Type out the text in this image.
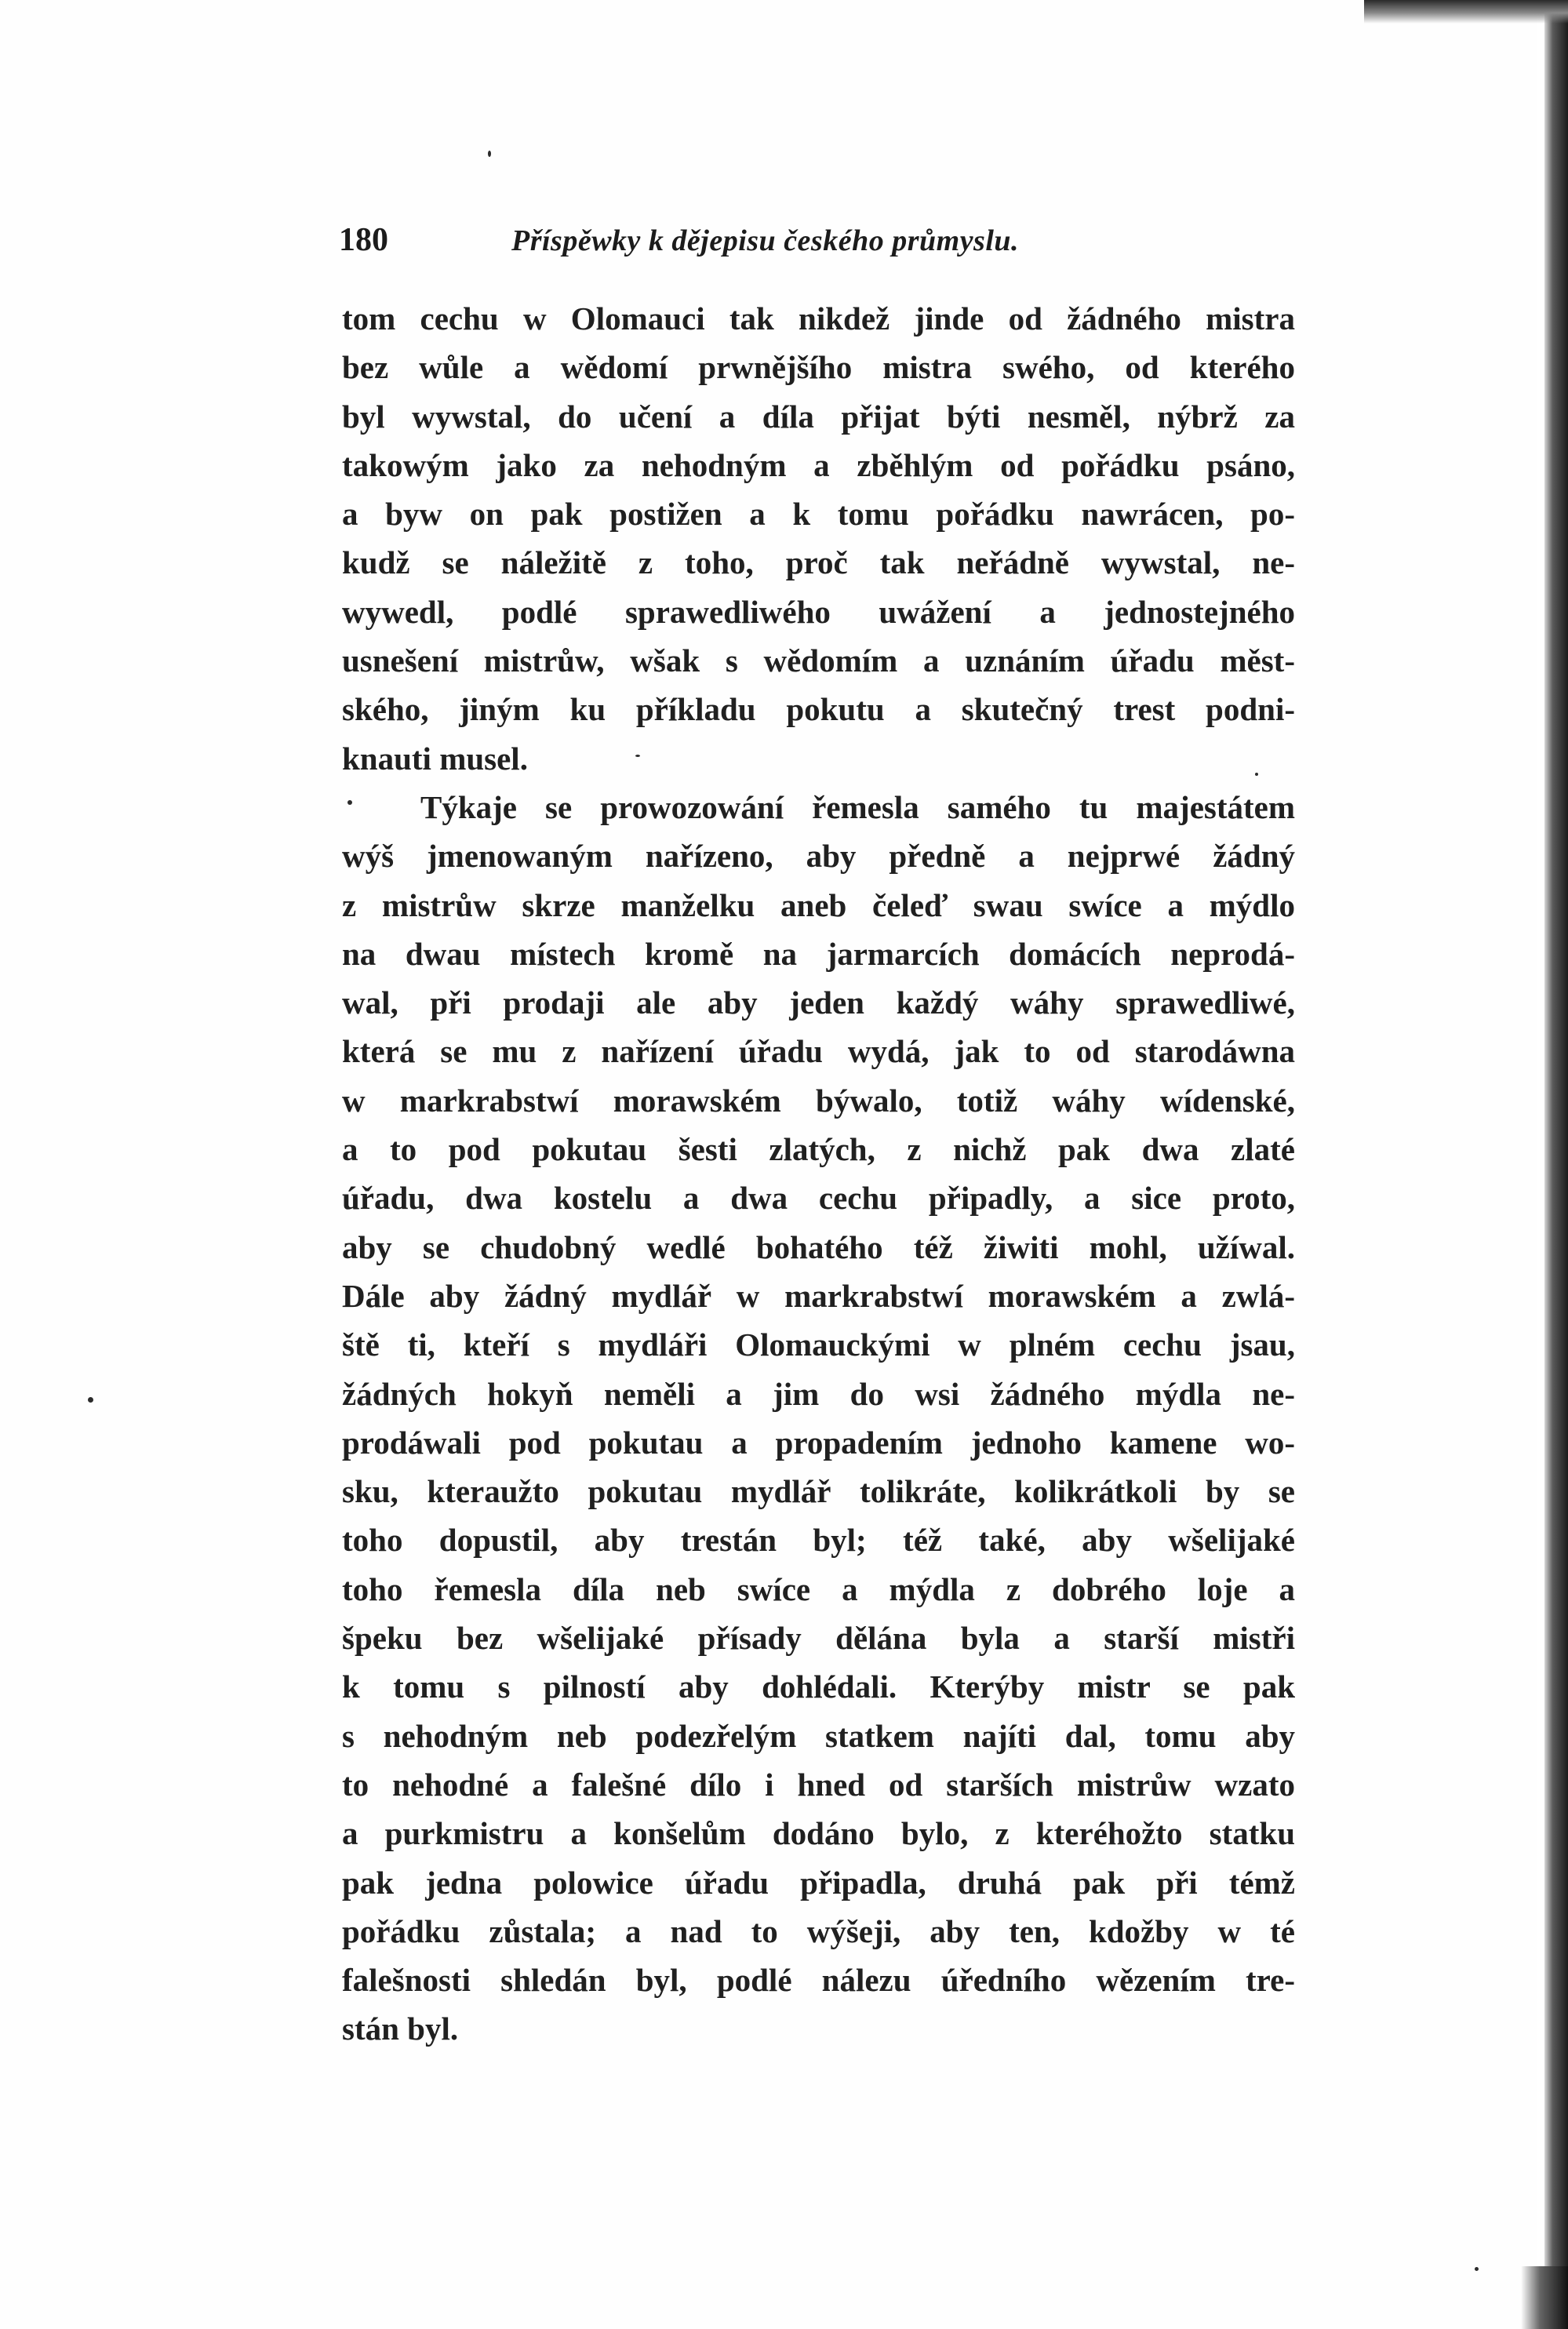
180	Příspěwky k dějepisu českého průmyslu.
tom cechu w Olomauci tak nikdež jinde od žádného mistra
bez wůle a wědomí prwnějšího mistra swého, od kterého
byl wywstal, do učení a díla přijat býti nesměl, nýbrž za
takowým jako za nehodným a zběhlým od pořádku psáno,
a byw on pak postižen a k tomu pořádku nawrácen, po-
kudž se náležitě z toho, proč tak neřádně wywstal, ne-
wywedl, podlé sprawedliwého uwážení a jednostejného
usnešení mistrůw, wšak s wědomím a uznáním úřadu měst-
ského, jiným ku příkladu pokutu a skutečný trest podni-
knauti musel.
Týkaje se prowozowání řemesla samého tu majestátem
wýš jmenowaným nařízeno, aby předně a nejprwé žádný
z mistrůw skrze manželku aneb čeleď swau swíce a mýdlo
na dwau místech kromě na jarmarcích domácích neprodá-
wal, při prodaji ale aby jeden každý wáhy sprawedliwé,
která se mu z nařízení úřadu wydá, jak to od starodáwna
w markrabstwí morawském býwalo, totiž wáhy wídenské,
a to pod pokutau šesti zlatých, z nichž pak dwa zlaté
úřadu, dwa kostelu a dwa cechu připadly, a sice proto,
aby se chudobný wedlé bohatého též žiwiti mohl, užíwal.
Dále aby žádný mydlář w markrabstwí morawském a zwlá-
ště ti, kteří s mydláři Olomauckými w plném cechu jsau,
žádných hokyň neměli a jim do wsi žádného mýdla ne-
prodáwali pod pokutau a propadením jednoho kamene wo-
sku, kteraužto pokutau mydlář tolikráte, kolikrátkoli by se
toho dopustil, aby trestán byl; též také, aby wšelijaké
toho řemesla díla neb swíce a mýdla z dobrého loje a
špeku bez wšelijaké přísady dělána byla a starší mistři
k tomu s pilností aby dohlédali. Kterýby mistr se pak
s nehodným neb podezřelým statkem najíti dal, tomu aby
to nehodné a falešné dílo i hned od starších mistrůw wzato
a purkmistru a konšelům dodáno bylo, z kteréhožto statku
pak jedna polowice úřadu připadla, druhá pak při témž
pořádku zůstala; a nad to wýšeji, aby ten, kdožby w té
falešnosti shledán byl, podlé nálezu úředního wězením tre-
stán byl.
